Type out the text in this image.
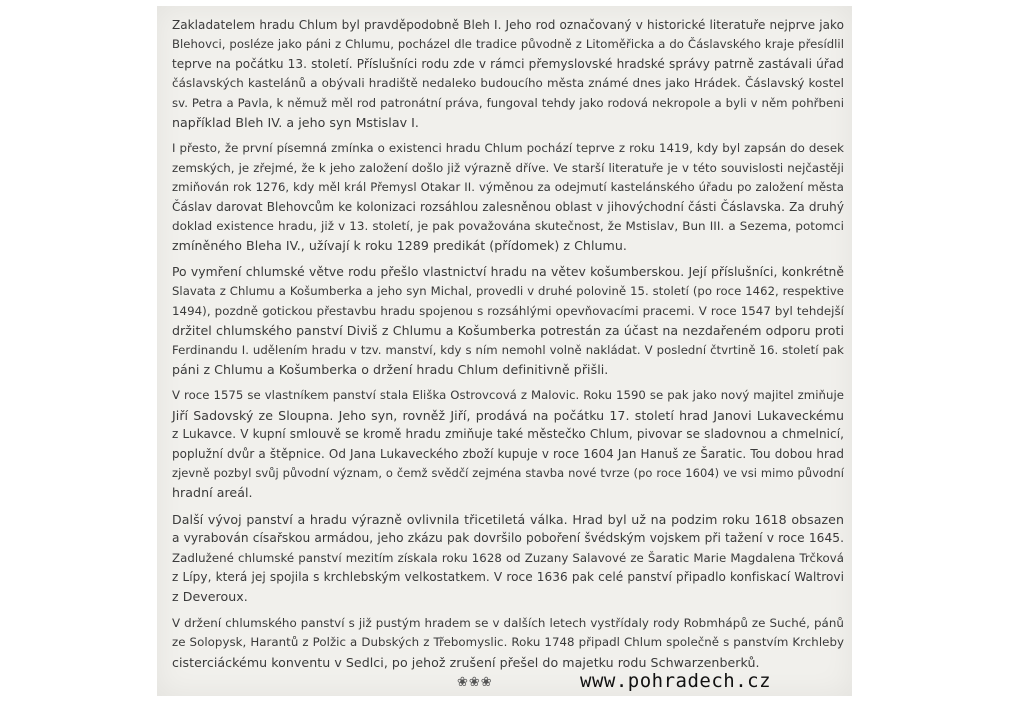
Zakladatelem hradu Chlum byl pravděpodobně Bleh I. Jeho rod označovaný v historické literatuře nejprve jako
Blehovci, posléze jako páni z Chlumu, pocházel dle tradice původně z Litoměřicka a do Čáslavského kraje přesídlil
teprve na počátku 13. století. Příslušníci rodu zde v rámci přemyslovské hradské správy patrně zastávali úřad
čáslavských kastelánů a obývali hradiště nedaleko budoucího města známé dnes jako Hrádek. Čáslavský kostel
sv. Petra a Pavla, k němuž měl rod patronátní práva, fungoval tehdy jako rodová nekropole a byli v něm pohřbeni
například Bleh IV. a jeho syn Mstislav I.

I přesto, že první písemná zmínka o existenci hradu Chlum pochází teprve z roku 1419, kdy byl zapsán do desek
zemských, je zřejmé, že k jeho založení došlo již výrazně dříve. Ve starší literatuře je v této souvislosti nejčastěji
zmiňován rok 1276, kdy měl král Přemysl Otakar II. výměnou za odejmutí kastelánského úřadu po založení města
Čáslav darovat Blehovcům ke kolonizaci rozsáhlou zalesněnou oblast v jihovýchodní části Čáslavska. Za druhý
doklad existence hradu, již v 13. století, je pak považována skutečnost, že Mstislav, Bun III. a Sezema, potomci
zmíněného Bleha IV., užívají k roku 1289 predikát (přídomek) z Chlumu.

Po vymření chlumské větve rodu přešlo vlastnictví hradu na větev košumberskou. Její příslušníci, konkrétně
Slavata z Chlumu a Košumberka a jeho syn Michal, provedli v druhé polovině 15. století (po roce 1462, respektive
1494), pozdně gotickou přestavbu hradu spojenou s rozsáhlými opevňovacími pracemi. V roce 1547 byl tehdejší
držitel chlumského panství Diviš z Chlumu a Košumberka potrestán za účast na nezdařeném odporu proti
Ferdinandu I. udělením hradu v tzv. manství, kdy s ním nemohl volně nakládat. V poslední čtvrtině 16. století pak
páni z Chlumu a Košumberka o držení hradu Chlum definitivně přišli.

V roce 1575 se vlastníkem panství stala Eliška Ostrovcová z Malovic. Roku 1590 se pak jako nový majitel zmiňuje
Jiří Sadovský ze Sloupna. Jeho syn, rovněž Jiří, prodává na počátku 17. století hrad Janovi Lukaveckému
z Lukavce. V kupní smlouvě se kromě hradu zmiňuje také městečko Chlum, pivovar se sladovnou a chmelnicí,
poplužní dvůr a štěpnice. Od Jana Lukaveckého zboží kupuje v roce 1604 Jan Hanuš ze Šaratic. Tou dobou hrad
zjevně pozbyl svůj původní význam, o čemž svědčí zejména stavba nové tvrze (po roce 1604) ve vsi mimo původní
hradní areál.

Další vývoj panství a hradu výrazně ovlivnila třicetiletá válka. Hrad byl už na podzim roku 1618 obsazen
a vyrabován císařskou armádou, jeho zkázu pak dovršilo poboření švédským vojskem při tažení v roce 1645.
Zadlužené chlumské panství mezitím získala roku 1628 od Zuzany Salavové ze Šaratic Marie Magdalena Trčková
z Lípy, která jej spojila s krchlebským velkostatkem. V roce 1636 pak celé panství připadlo konfiskací Waltrovi
z Deveroux.

V držení chlumského panství s již pustým hradem se v dalších letech vystřídaly rody Robmhápů ze Suché, pánů
ze Solopysk, Harantů z Polžic a Dubských z Třebomyslic. Roku 1748 připadl Chlum společně s panstvím Krchleby
cisterciáckému konventu v Sedlci, po jehož zrušení přešel do majetku rodu Schwarzenberků.

❀❀❀	www.pohradech.cz
